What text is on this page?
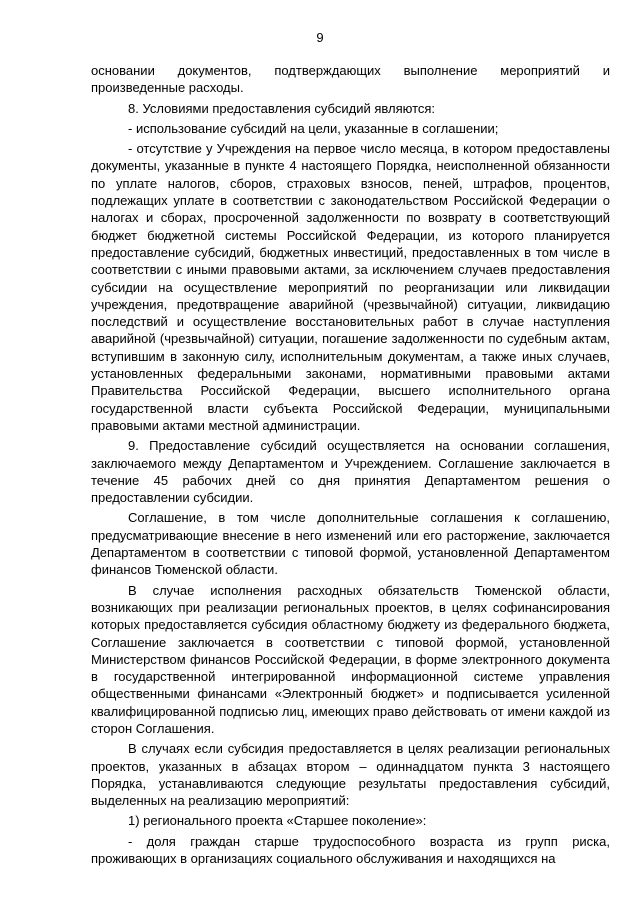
9

основании документов, подтверждающих выполнение мероприятий и произведенные расходы.

8. Условиями предоставления субсидий являются:

- использование субсидий на цели, указанные в соглашении;

- отсутствие у Учреждения на первое число месяца, в котором предоставлены документы, указанные в пункте 4 настоящего Порядка, неисполненной обязанности по уплате налогов, сборов, страховых взносов, пеней, штрафов, процентов, подлежащих уплате в соответствии с законодательством Российской Федерации о налогах и сборах, просроченной задолженности по возврату в соответствующий бюджет бюджетной системы Российской Федерации, из которого планируется предоставление субсидий, бюджетных инвестиций, предоставленных в том числе в соответствии с иными правовыми актами, за исключением случаев предоставления субсидии на осуществление мероприятий по реорганизации или ликвидации учреждения, предотвращение аварийной (чрезвычайной) ситуации, ликвидацию последствий и осуществление восстановительных работ в случае наступления аварийной (чрезвычайной) ситуации, погашение задолженности по судебным актам, вступившим в законную силу, исполнительным документам, а также иных случаев, установленных федеральными законами, нормативными правовыми актами Правительства Российской Федерации, высшего исполнительного органа государственной власти субъекта Российской Федерации, муниципальными правовыми актами местной администрации.

9. Предоставление субсидий осуществляется на основании соглашения, заключаемого между Департаментом и Учреждением. Соглашение заключается в течение 45 рабочих дней со дня принятия Департаментом решения о предоставлении субсидии.

Соглашение, в том числе дополнительные соглашения к соглашению, предусматривающие внесение в него изменений или его расторжение, заключается Департаментом в соответствии с типовой формой, установленной Департаментом финансов Тюменской области.

В случае исполнения расходных обязательств Тюменской области, возникающих при реализации региональных проектов, в целях софинансирования которых предоставляется субсидия областному бюджету из федерального бюджета, Соглашение заключается в соответствии с типовой формой, установленной Министерством финансов Российской Федерации, в форме электронного документа в государственной интегрированной информационной системе управления общественными финансами «Электронный бюджет» и подписывается усиленной квалифицированной подписью лиц, имеющих право действовать от имени каждой из сторон Соглашения.

В случаях если субсидия предоставляется в целях реализации региональных проектов, указанных в абзацах втором – одиннадцатом пункта 3 настоящего Порядка, устанавливаются следующие результаты предоставления субсидий, выделенных на реализацию мероприятий:

1) регионального проекта «Старшее поколение»:

- доля граждан старше трудоспособного возраста из групп риска, проживающих в организациях социального обслуживания и находящихся на
